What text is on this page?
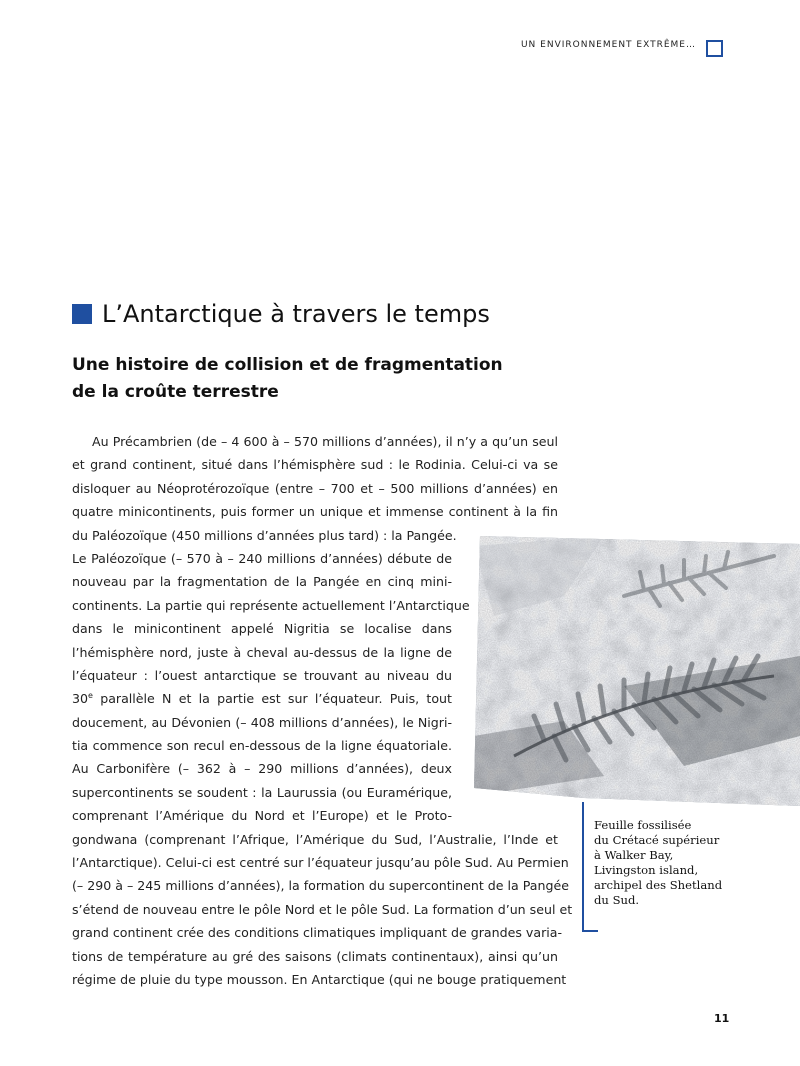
UN ENVIRONNEMENT EXTRÊME…
L’Antarctique à travers le temps
Une histoire de collision et de fragmentation
de la croûte terrestre
Au Précambrien (de – 4 600 à – 570 millions d’années), il n’y a qu’un seul
et grand continent, situé dans l’hémisphère sud : le Rodinia. Celui-ci va se
disloquer au Néoprotérozoïque (entre – 700 et – 500 millions d’années) en
quatre minicontinents, puis former un unique et immense continent à la fin
du Paléozoïque (450 millions d’années plus tard) : la Pangée.
Le Paléozoïque (– 570 à – 240 millions d’années) débute de
nouveau par la fragmentation de la Pangée en cinq mini-
continents. La partie qui représente actuellement l’Antarctique
dans le minicontinent appelé Nigritia se localise dans
l’hémisphère nord, juste à cheval au-dessus de la ligne de
l’équateur : l’ouest antarctique se trouvant au niveau du
30e parallèle N et la partie est sur l’équateur. Puis, tout
doucement, au Dévonien (– 408 millions d’années), le Nigri-
tia commence son recul en-dessous de la ligne équatoriale.
Au Carbonifère (– 362 à – 290 millions d’années), deux
supercontinents se soudent : la Laurussia (ou Euramérique,
comprenant l’Amérique du Nord et l’Europe) et le Proto-
gondwana (comprenant l’Afrique, l’Amérique du Sud, l’Australie, l’Inde et
l’Antarctique). Celui-ci est centré sur l’équateur jusqu’au pôle Sud. Au Permien
(– 290 à – 245 millions d’années), la formation du supercontinent de la Pangée
s’étend de nouveau entre le pôle Nord et le pôle Sud. La formation d’un seul et
grand continent crée des conditions climatiques impliquant de grandes varia-
tions de température au gré des saisons (climats continentaux), ainsi qu’un
régime de pluie du type mousson. En Antarctique (qui ne bouge pratiquement
Feuille fossilisée
du Crétacé supérieur
à Walker Bay,
Livingston island,
archipel des Shetland
du Sud.
11
